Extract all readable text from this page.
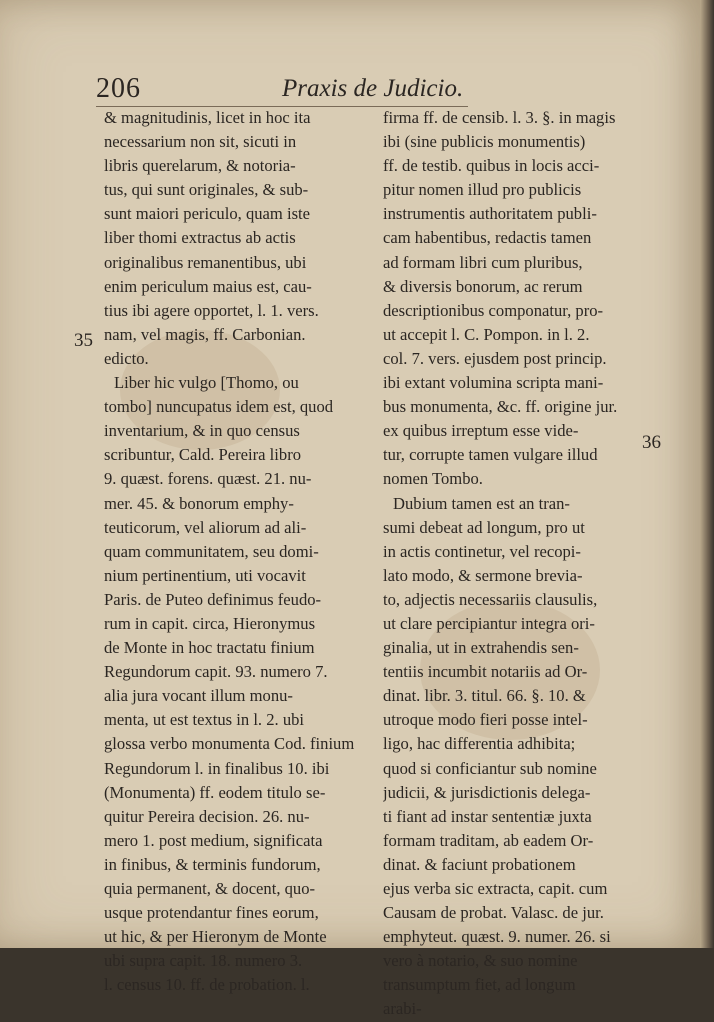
206	Praxis de Judicio.
35
36
& magnitudinis, licet in hoc ita
necessarium non sit, sicuti in
libris querelarum, & notoria-
tus, qui sunt originales, & sub-
sunt maiori periculo, quam iste
liber thomi extractus ab actis
originalibus remanentibus, ubi
enim periculum maius est, cau-
tius ibi agere opportet, l. 1. vers.
nam, vel magis, ff. Carbonian.
edicto.
Liber hic vulgo [Thomo, ou
tombo] nuncupatus idem est, quod
inventarium, & in quo census
scribuntur, Cald. Pereira libro
9. quæst. forens. quæst. 21. nu-
mer. 45. & bonorum emphy-
teuticorum, vel aliorum ad ali-
quam communitatem, seu domi-
nium pertinentium, uti vocavit
Paris. de Puteo definimus feudo-
rum in capit. circa, Hieronymus
de Monte in hoc tractatu finium
Regundorum capit. 93. numero 7.
alia jura vocant illum monu-
menta, ut est textus in l. 2. ubi
glossa verbo monumenta Cod. finium
Regundorum l. in finalibus 10. ibi
(Monumenta) ff. eodem titulo se-
quitur Pereira decision. 26. nu-
mero 1. post medium, significata
in finibus, & terminis fundorum,
quia permanent, & docent, quo-
usque protendantur fines eorum,
ut hic, & per Hieronym de Monte
ubi supra capit. 18. numero 3.
l. census 10. ff. de probation. l.
firma ff. de censib. l. 3. §. in magis
ibi (sine publicis monumentis)
ff. de testib. quibus in locis acci-
pitur nomen illud pro publicis
instrumentis authoritatem publi-
cam habentibus, redactis tamen
ad formam libri cum pluribus,
& diversis bonorum, ac rerum
descriptionibus componatur, pro-
ut accepit l. C. Pompon. in l. 2.
col. 7. vers. ejusdem post princip.
ibi extant volumina scripta mani-
bus monumenta, &c. ff. origine jur.
ex quibus irreptum esse vide-
tur, corrupte tamen vulgare illud
nomen Tombo.
Dubium tamen est an tran-
sumi debeat ad longum, pro ut
in actis continetur, vel recopi-
lato modo, & sermone breviа-
to, adjectis necessariis clausulis,
ut clare percipiantur integra ori-
ginalia, ut in extrahendis sen-
tentiis incumbit notariis ad Or-
dinat. libr. 3. titul. 66. §. 10. &
utroque modo fieri posse intel-
ligo, hac differentia adhibita;
quod si conficiantur sub nomine
judicii, & jurisdictionis delega-
ti fiant ad instar sententiæ juxta
formam traditam, ab eadem Or-
dinat. & faciunt probationem
ejus verba sic extracta, capit. cum
Causam de probat. Valasc. de jur.
emphyteut. quæst. 9. numer. 26. si
vero à notario, & suo nomine
transumptum fiet, ad longum
arabi-
